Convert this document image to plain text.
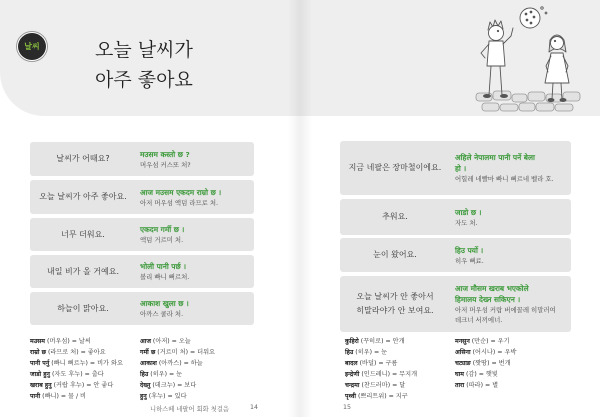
날씨	오늘 날씨가
아주 좋아요
날씨가 어때요?	मउसम कस्तो छ ?
머우섬 커스또 처?
오늘 날씨가 아주 좋아요.	आज मउसम एकदम राम्रो छ ।
아저 머우섬 액덤 라므로 처.
너무 더워요.	एकदम गर्मी छ ।
액덤 거르미 처.
내일 비가 올 거예요.	भोली पानी पर्छ ।
볼리 빠니 뻐르처.
하늘이 맑아요.	आकाश खुला छ ।
아까스 쿨라 처.
지금 네팔은 장마철이에요.
अहिले नेपालमा पानी पर्ने बेला
हो ।
어힐레 네빨마 빠니 뻐르네 벨라 호.
추워요.	जाडो छ ।
자도 처.
눈이 왔어요.	हिउ पर्यो ।
히우 뻐료.
오늘 날씨가 안 좋아서
히말라야가 안 보여요.
आज मौसम खराब भएकोले
हिमालय देख्न सकिएन ।
아저 머우섬 커랍 버에꼴레 히말러여
데크너 서끼에너.
मउसम (머우섬) = 날씨
राम्रो छ (라므로 처) = 좋아요
पानी पर्नु (빠니 뻐르누) = 비가 와요
जाडो हुनु (자도 후누) = 춥다
खराब हुनु (커랍 후누) = 안 좋다
पानी (빠니) = 물 / 비
आज (아저) = 오늘
गर्मी छ (거르미 처) = 더워요
आकाश (아까스) = 하늘
हिउ (히우) = 눈
देख्नु (데크누) = 보다
हुनु (후누) = 있다
कुहिरो (꾸히로) = 안개
हिउ (히우) = 눈
बादल (바덜) = 구름
इन्द्रेणी (인드레니) = 무지개
चन्द्रमा (찬드러마) = 달
पृथ्वी (쁘리트위) = 지구
मनसुन (만순) = 우기
असिना (어시나) = 우박
चट्याङ (짯땅) = 번개
घाम (감) = 햇빛
तारा (따라) = 별
니하스떼 네팔어 회화 첫걸음	14	15
